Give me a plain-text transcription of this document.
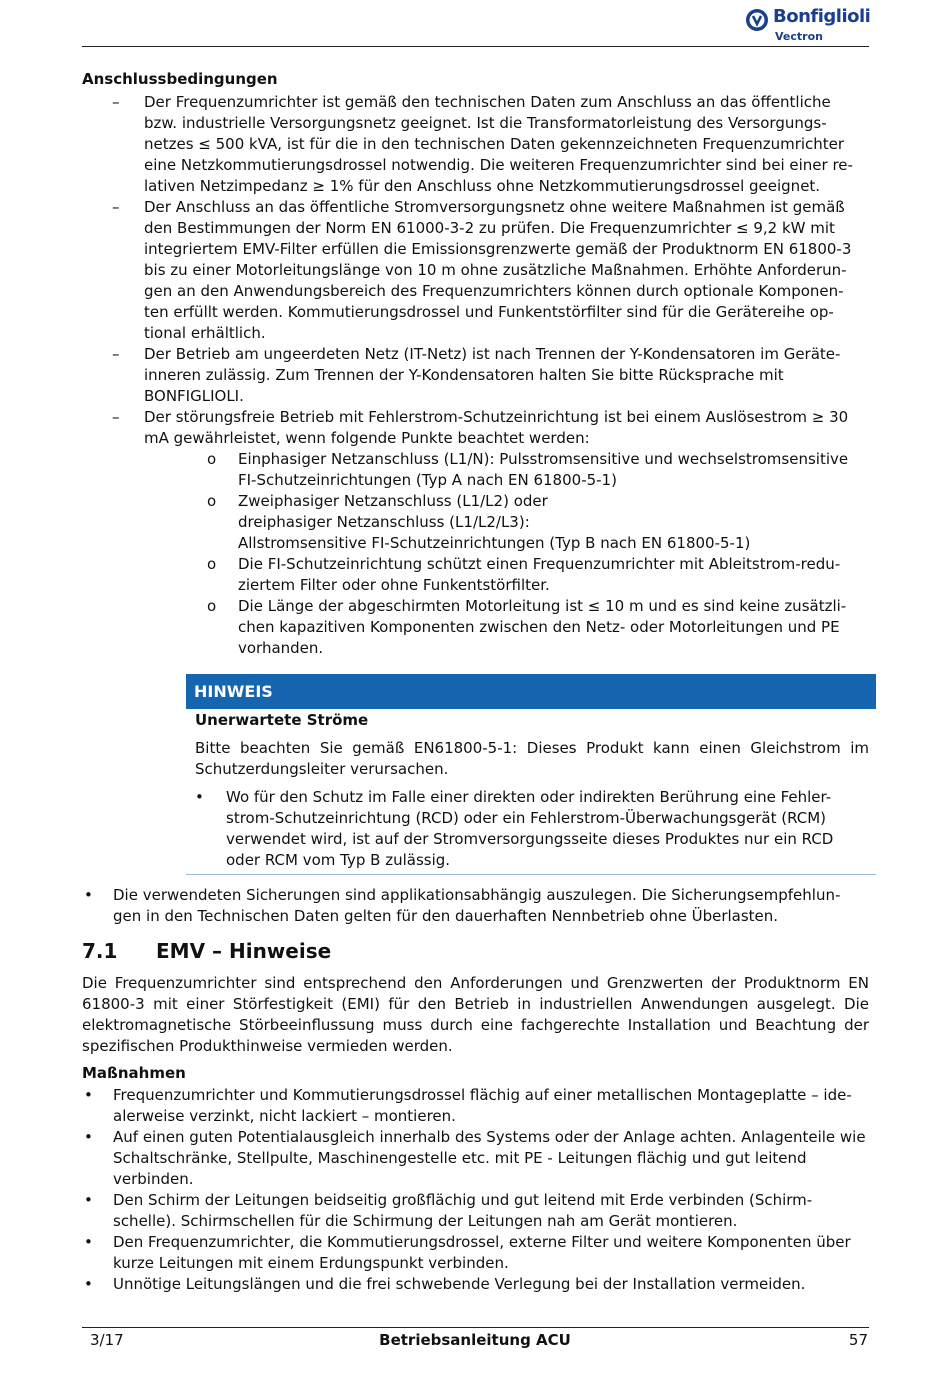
Bonfiglioli
Vectron
Anschlussbedingungen
– Der Frequenzumrichter ist gemäß den technischen Daten zum Anschluss an das öffentliche bzw. industrielle Versorgungsnetz geeignet. Ist die Transformatorleistung des Versorgungs-netzes ≤ 500 kVA, ist für die in den technischen Daten gekennzeichneten Frequenzumrichter eine Netzkommutierungsdrossel notwendig. Die weiteren Frequenzumrichter sind bei einer re-lativen Netzimpedanz ≥ 1% für den Anschluss ohne Netzkommutierungsdrossel geeignet.
– Der Anschluss an das öffentliche Stromversorgungsnetz ohne weitere Maßnahmen ist gemäß den Bestimmungen der Norm EN 61000-3-2 zu prüfen. Die Frequenzumrichter ≤ 9,2 kW mit integriertem EMV-Filter erfüllen die Emissionsgrenzwerte gemäß der Produktnorm EN 61800-3 bis zu einer Motorleitungslänge von 10 m ohne zusätzliche Maßnahmen. Erhöhte Anforderun-gen an den Anwendungsbereich des Frequenzumrichters können durch optionale Komponen-ten erfüllt werden. Kommutierungsdrossel und Funkentstörfilter sind für die Gerätereihe op-tional erhältlich.
– Der Betrieb am ungeerdeten Netz (IT-Netz) ist nach Trennen der Y-Kondensatoren im Geräte-inneren zulässig. Zum Trennen der Y-Kondensatoren halten Sie bitte Rücksprache mit BONFIGLIOLI.
– Der störungsfreie Betrieb mit Fehlerstrom-Schutzeinrichtung ist bei einem Auslösestrom ≥ 30 mA gewährleistet, wenn folgende Punkte beachtet werden:
o Einphasiger Netzanschluss (L1/N): Pulsstromsensitive und wechselstromsensitive FI-Schutzeinrichtungen (Typ A nach EN 61800-5-1)
o Zweiphasiger Netzanschluss (L1/L2) oder
dreiphasiger Netzanschluss (L1/L2/L3):
Allstromsensitive FI-Schutzeinrichtungen (Typ B nach EN 61800-5-1)
o Die FI-Schutzeinrichtung schützt einen Frequenzumrichter mit Ableitstrom-redu-ziertem Filter oder ohne Funkentstörfilter.
o Die Länge der abgeschirmten Motorleitung ist ≤ 10 m und es sind keine zusätzli-chen kapazitiven Komponenten zwischen den Netz- oder Motorleitungen und PE vorhanden.
HINWEIS
Unerwartete Ströme
Bitte beachten Sie gemäß EN61800-5-1: Dieses Produkt kann einen Gleichstrom im Schutzerdungsleiter verursachen.
• Wo für den Schutz im Falle einer direkten oder indirekten Berührung eine Fehler-strom-Schutzeinrichtung (RCD) oder ein Fehlerstrom-Überwachungsgerät (RCM) verwendet wird, ist auf der Stromversorgungsseite dieses Produktes nur ein RCD oder RCM vom Typ B zulässig.
• Die verwendeten Sicherungen sind applikationsabhängig auszulegen. Die Sicherungsempfehlun-gen in den Technischen Daten gelten für den dauerhaften Nennbetrieb ohne Überlasten.
7.1 EMV – Hinweise
Die Frequenzumrichter sind entsprechend den Anforderungen und Grenzwerten der Produktnorm EN 61800-3 mit einer Störfestigkeit (EMI) für den Betrieb in industriellen Anwendungen ausgelegt. Die elektromagnetische Störbeeinflussung muss durch eine fachgerechte Installation und Beachtung der spezifischen Produkthinweise vermieden werden.
Maßnahmen
• Frequenzumrichter und Kommutierungsdrossel flächig auf einer metallischen Montageplatte – ide-alerweise verzinkt, nicht lackiert – montieren.
• Auf einen guten Potentialausgleich innerhalb des Systems oder der Anlage achten. Anlagenteile wie Schaltschränke, Stellpulte, Maschinengestelle etc. mit PE - Leitungen flächig und gut leitend verbinden.
• Den Schirm der Leitungen beidseitig großflächig und gut leitend mit Erde verbinden (Schirm-schelle). Schirmschellen für die Schirmung der Leitungen nah am Gerät montieren.
• Den Frequenzumrichter, die Kommutierungsdrossel, externe Filter und weitere Komponenten über kurze Leitungen mit einem Erdungspunkt verbinden.
• Unnötige Leitungslängen und die frei schwebende Verlegung bei der Installation vermeiden.
3/17	Betriebsanleitung ACU	57
